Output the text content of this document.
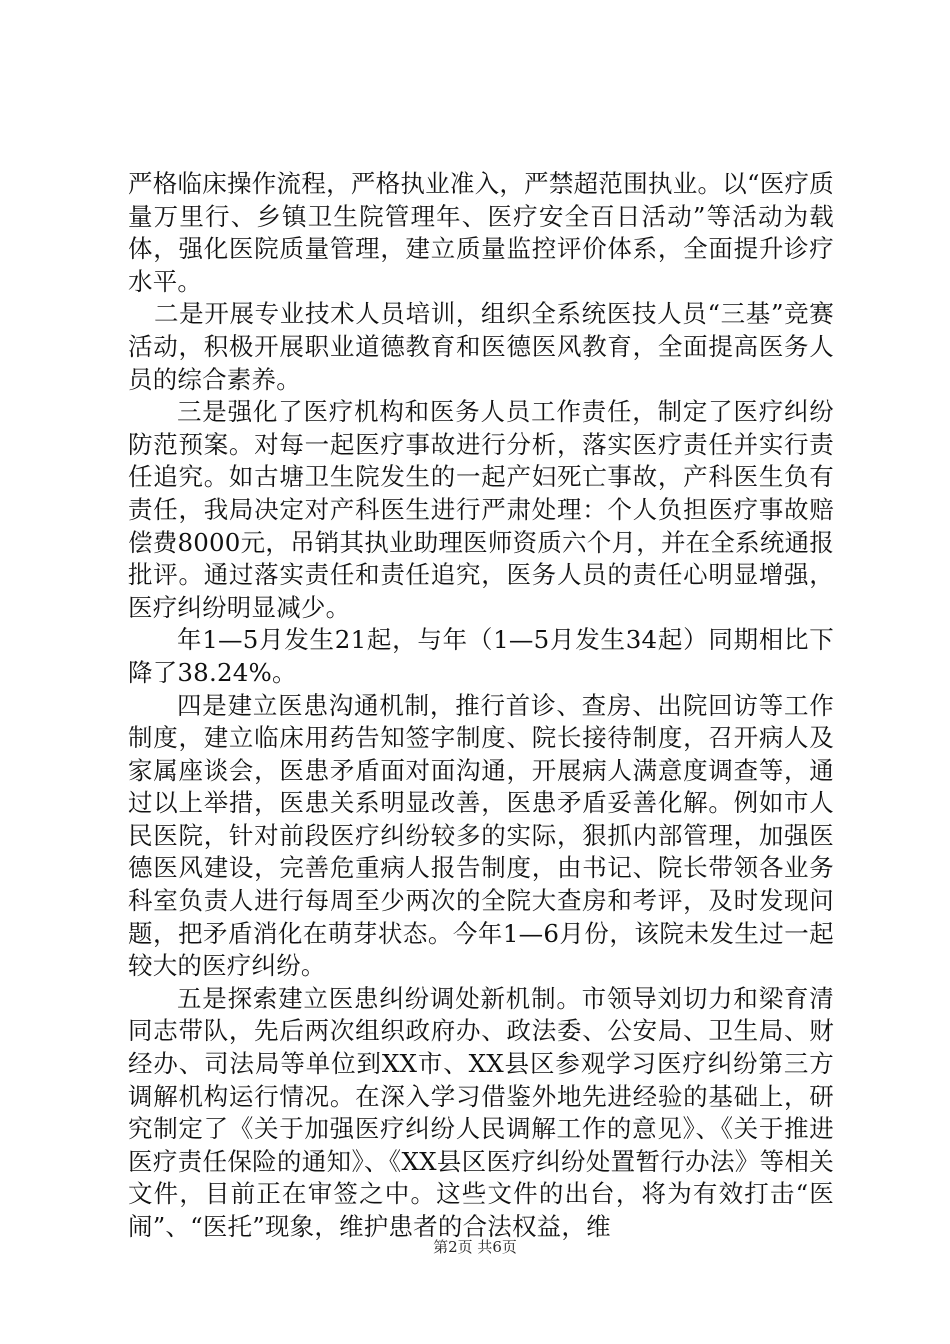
严格临床操作流程，严格执业准入，严禁超范围执业。以“医疗质量万里行、乡镇卫生院管理年、医疗安全百日活动”等活动为载体，强化医院质量管理，建立质量监控评价体系，全面提升诊疗水平。

二是开展专业技术人员培训，组织全系统医技人员“三基”竞赛活动，积极开展职业道德教育和医德医风教育，全面提高医务人员的综合素养。

三是强化了医疗机构和医务人员工作责任，制定了医疗纠纷防范预案。对每一起医疗事故进行分析，落实医疗责任并实行责任追究。如古塘卫生院发生的一起产妇死亡事故，产科医生负有责任，我局决定对产科医生进行严肃处理：个人负担医疗事故赔偿费8000元，吊销其执业助理医师资质六个月，并在全系统通报批评。通过落实责任和责任追究，医务人员的责任心明显增强，医疗纠纷明显减少。

年1—5月发生21起，与年（1—5月发生34起）同期相比下降了38.24%。

四是建立医患沟通机制，推行首诊、查房、出院回访等工作制度，建立临床用药告知签字制度、院长接待制度，召开病人及家属座谈会，医患矛盾面对面沟通，开展病人满意度调查等，通过以上举措，医患关系明显改善，医患矛盾妥善化解。例如市人民医院，针对前段医疗纠纷较多的实际，狠抓内部管理，加强医德医风建设，完善危重病人报告制度，由书记、院长带领各业务科室负责人进行每周至少两次的全院大查房和考评，及时发现问题，把矛盾消化在萌芽状态。今年1—6月份，该院未发生过一起较大的医疗纠纷。

五是探索建立医患纠纷调处新机制。市领导刘切力和梁育清同志带队，先后两次组织政府办、政法委、公安局、卫生局、财经办、司法局等单位到XX市、XX县区参观学习医疗纠纷第三方调解机构运行情况。在深入学习借鉴外地先进经验的基础上，研究制定了《关于加强医疗纠纷人民调解工作的意见》、《关于推进医疗责任保险的通知》、《XX县区医疗纠纷处置暂行办法》等相关文件，目前正在审签之中。这些文件的出台，将为有效打击“医闹”、“医托”现象，维护患者的合法权益，维

第2页 共6页
